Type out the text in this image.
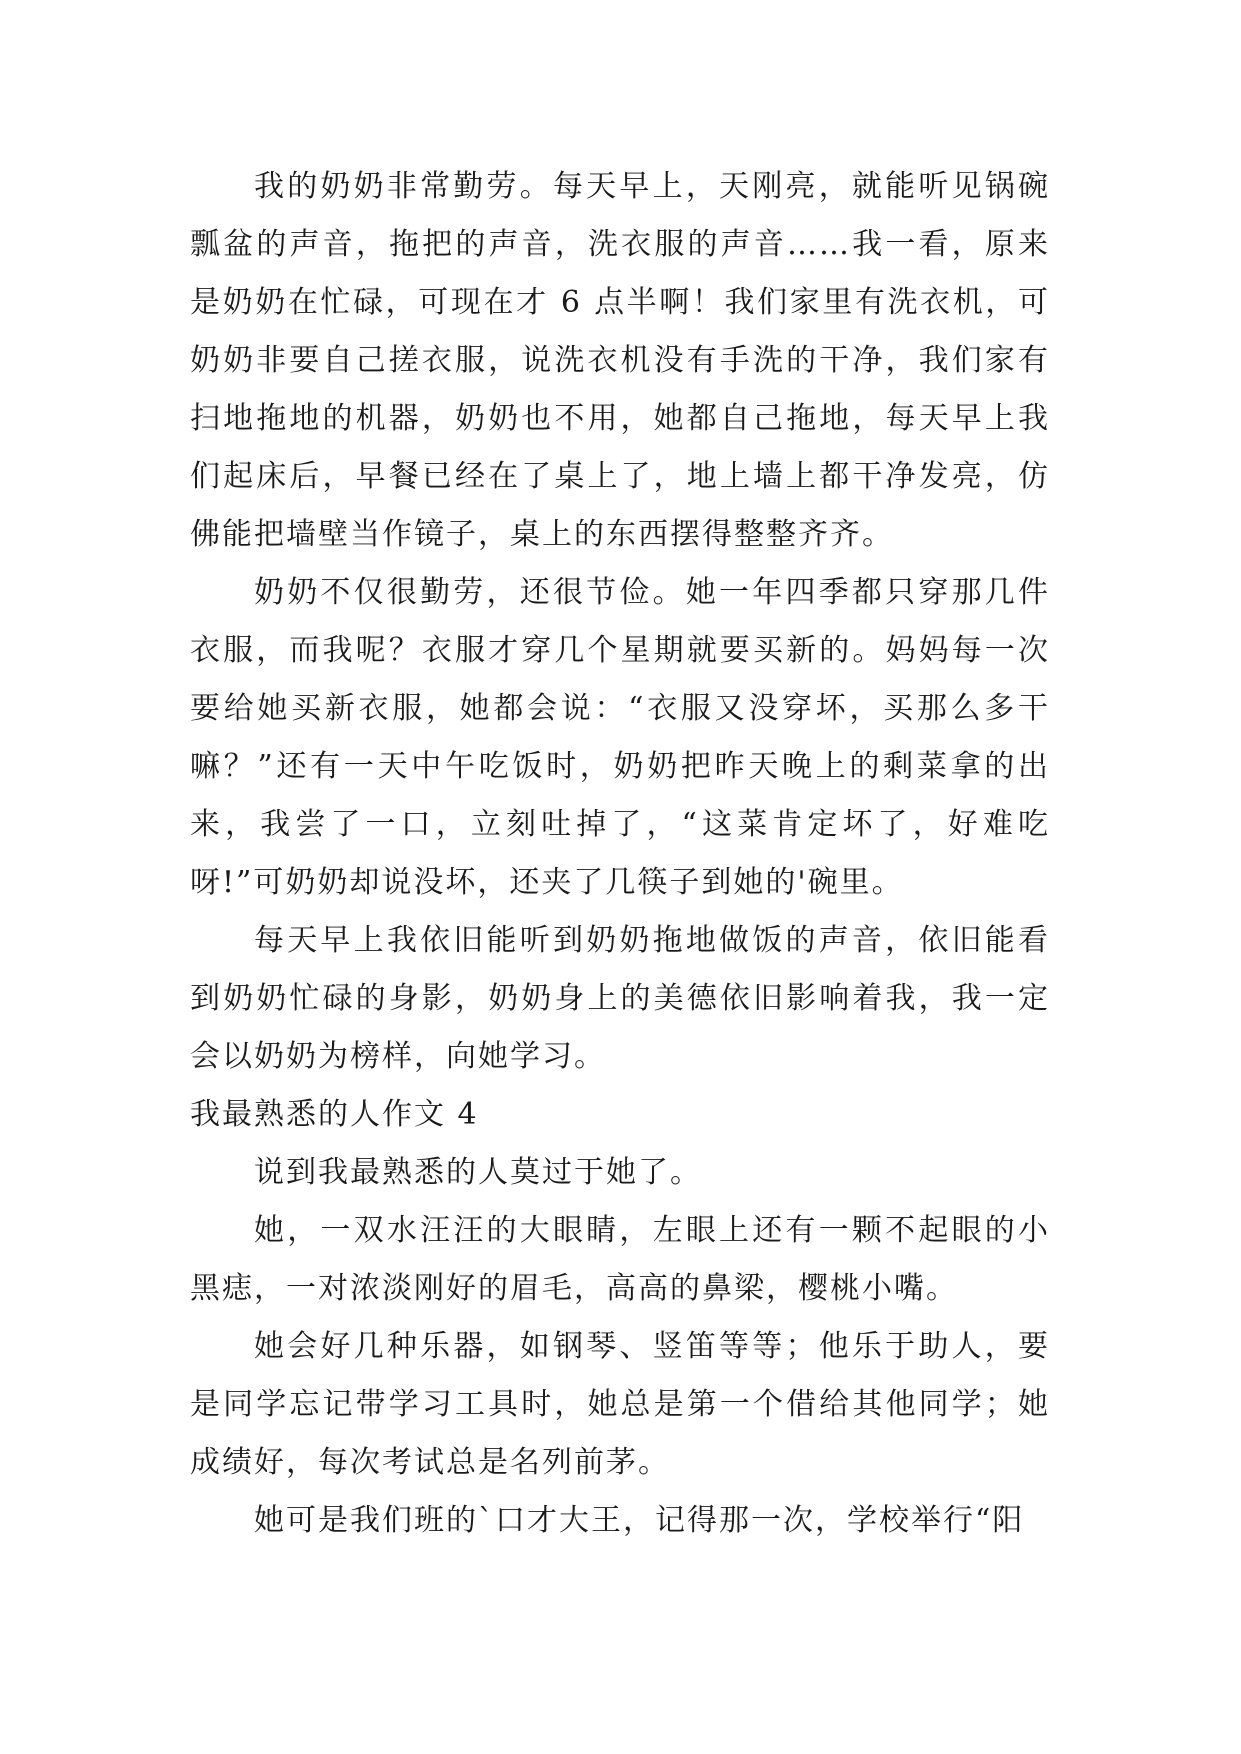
我的奶奶非常勤劳。每天早上，天刚亮，就能听见锅碗瓢盆的声音，拖把的声音，洗衣服的声音……我一看，原来是奶奶在忙碌，可现在才 6 点半啊！我们家里有洗衣机，可奶奶非要自己搓衣服，说洗衣机没有手洗的干净，我们家有扫地拖地的机器，奶奶也不用，她都自己拖地，每天早上我们起床后，早餐已经在了桌上了，地上墙上都干净发亮，仿佛能把墙壁当作镜子，桌上的东西摆得整整齐齐。

奶奶不仅很勤劳，还很节俭。她一年四季都只穿那几件衣服，而我呢？衣服才穿几个星期就要买新的。妈妈每一次要给她买新衣服，她都会说：“衣服又没穿坏，买那么多干嘛？”还有一天中午吃饭时，奶奶把昨天晚上的剩菜拿的出来，我尝了一口，立刻吐掉了，“这菜肯定坏了，好难吃呀!”可奶奶却说没坏，还夹了几筷子到她的'碗里。

每天早上我依旧能听到奶奶拖地做饭的声音，依旧能看到奶奶忙碌的身影，奶奶身上的美德依旧影响着我，我一定会以奶奶为榜样，向她学习。

我最熟悉的人作文 4

说到我最熟悉的人莫过于她了。

她，一双水汪汪的大眼睛，左眼上还有一颗不起眼的小黑痣，一对浓淡刚好的眉毛，高高的鼻梁，樱桃小嘴。

她会好几种乐器，如钢琴、竖笛等等；他乐于助人，要是同学忘记带学习工具时，她总是第一个借给其他同学；她成绩好，每次考试总是名列前茅。

她可是我们班的`口才大王，记得那一次，学校举行“阳
